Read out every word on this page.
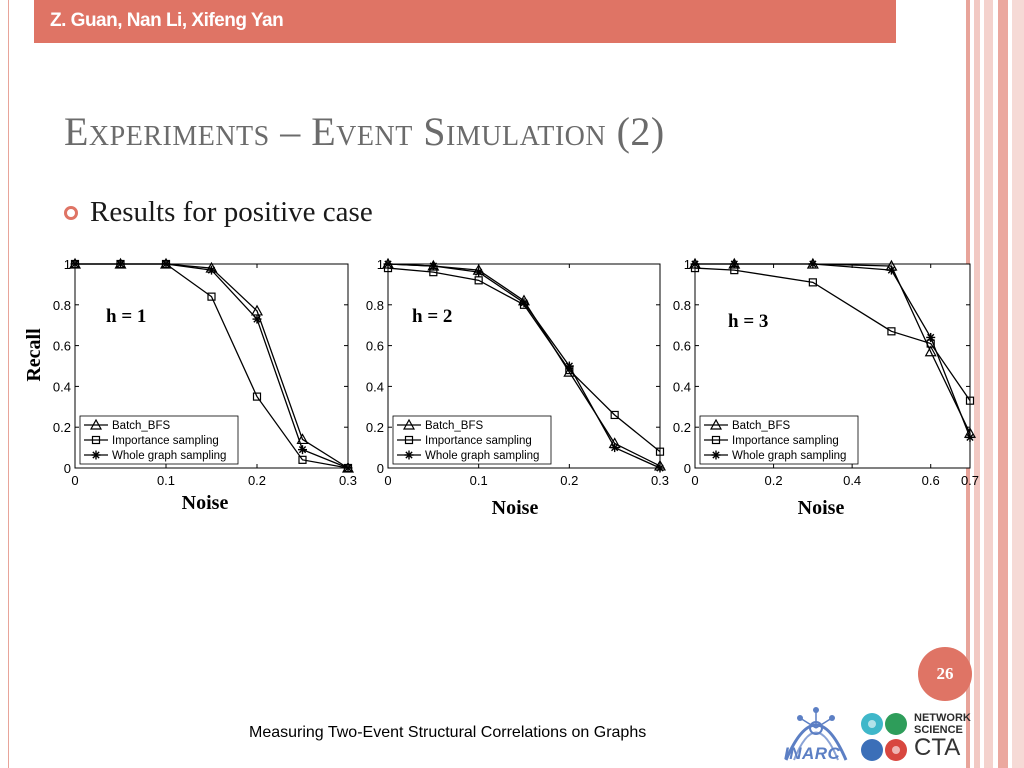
Z. Guan, Nan Li, Xifeng Yan
Experiments – Event Simulation (2)
Results for positive case
Recall
0
0.2
0.4
0.6
0.8
1
0	0.1	0.2	0.3
Batch_BFS
Importance sampling
Whole graph sampling
h = 1
Noise
0
0.2
0.4
0.6
0.8
1
0	0.1	0.2	0.3
Batch_BFS
Importance sampling
Whole graph sampling
h = 2
Noise
0
0.2
0.4
0.6
0.8
1
0	0.2	0.4	0.6 0.7
Batch_BFS
Importance sampling
Whole graph sampling
h = 3
Noise
26
Measuring Two-Event Structural Correlations on Graphs
INARC
NETWORK
SCIENCE
CTA
